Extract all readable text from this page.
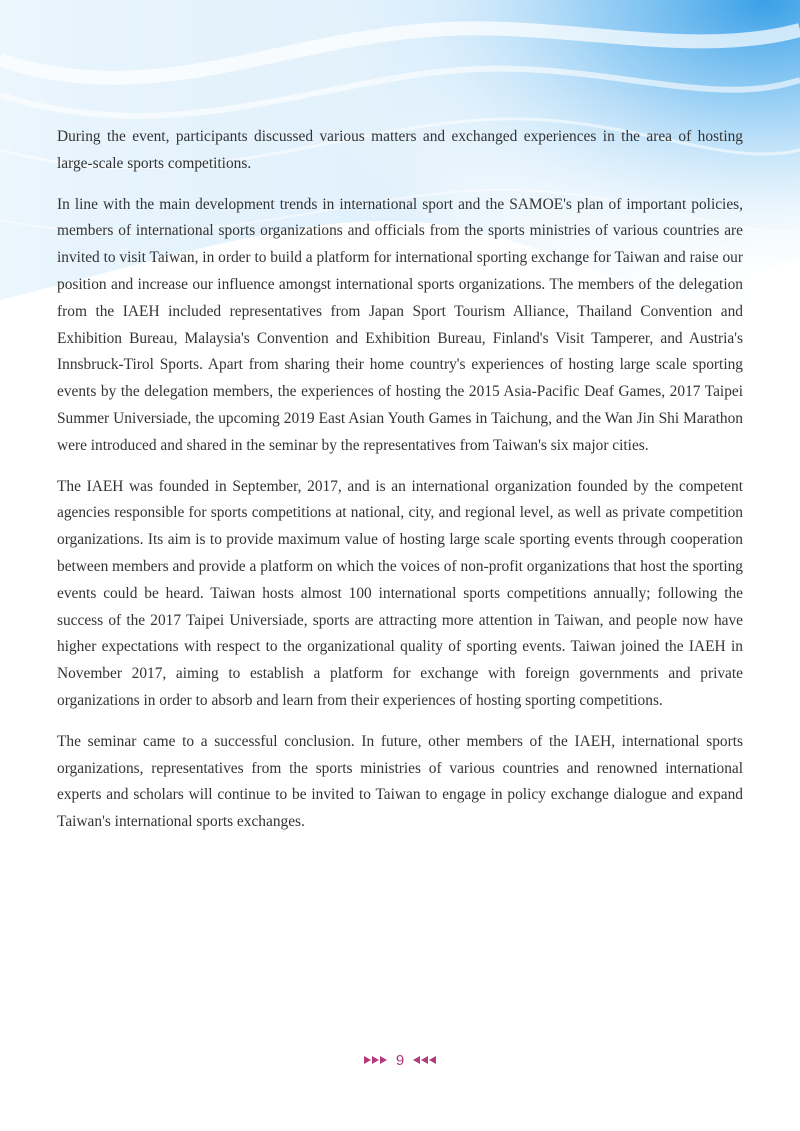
During the event, participants discussed various matters and exchanged experiences in the area of hosting large-scale sports competitions.

In line with the main development trends in international sport and the SAMOE's plan of important policies, members of international sports organizations and officials from the sports ministries of various countries are invited to visit Taiwan, in order to build a platform for international sporting exchange for Taiwan and raise our position and increase our influence amongst international sports organizations. The members of the delegation from the IAEH included representatives from Japan Sport Tourism Alliance, Thailand Convention and Exhibition Bureau, Malaysia's Convention and Exhibition Bureau, Finland's Visit Tamperer, and Austria's Innsbruck-Tirol Sports. Apart from sharing their home country's experiences of hosting large scale sporting events by the delegation members, the experiences of hosting the 2015 Asia-Pacific Deaf Games, 2017 Taipei Summer Universiade, the upcoming 2019 East Asian Youth Games in Taichung, and the Wan Jin Shi Marathon were introduced and shared in the seminar by the representatives from Taiwan's six major cities.

The IAEH was founded in September, 2017, and is an international organization founded by the competent agencies responsible for sports competitions at national, city, and regional level, as well as private competition organizations. Its aim is to provide maximum value of hosting large scale sporting events through cooperation between members and provide a platform on which the voices of non-profit organizations that host the sporting events could be heard. Taiwan hosts almost 100 international sports competitions annually; following the success of the 2017 Taipei Universiade, sports are attracting more attention in Taiwan, and people now have higher expectations with respect to the organizational quality of sporting events. Taiwan joined the IAEH in November 2017, aiming to establish a platform for exchange with foreign governments and private organizations in order to absorb and learn from their experiences of hosting sporting competitions.

The seminar came to a successful conclusion. In future, other members of the IAEH, international sports organizations, representatives from the sports ministries of various countries and renowned international experts and scholars will continue to be invited to Taiwan to engage in policy exchange dialogue and expand Taiwan's international sports exchanges.

9
